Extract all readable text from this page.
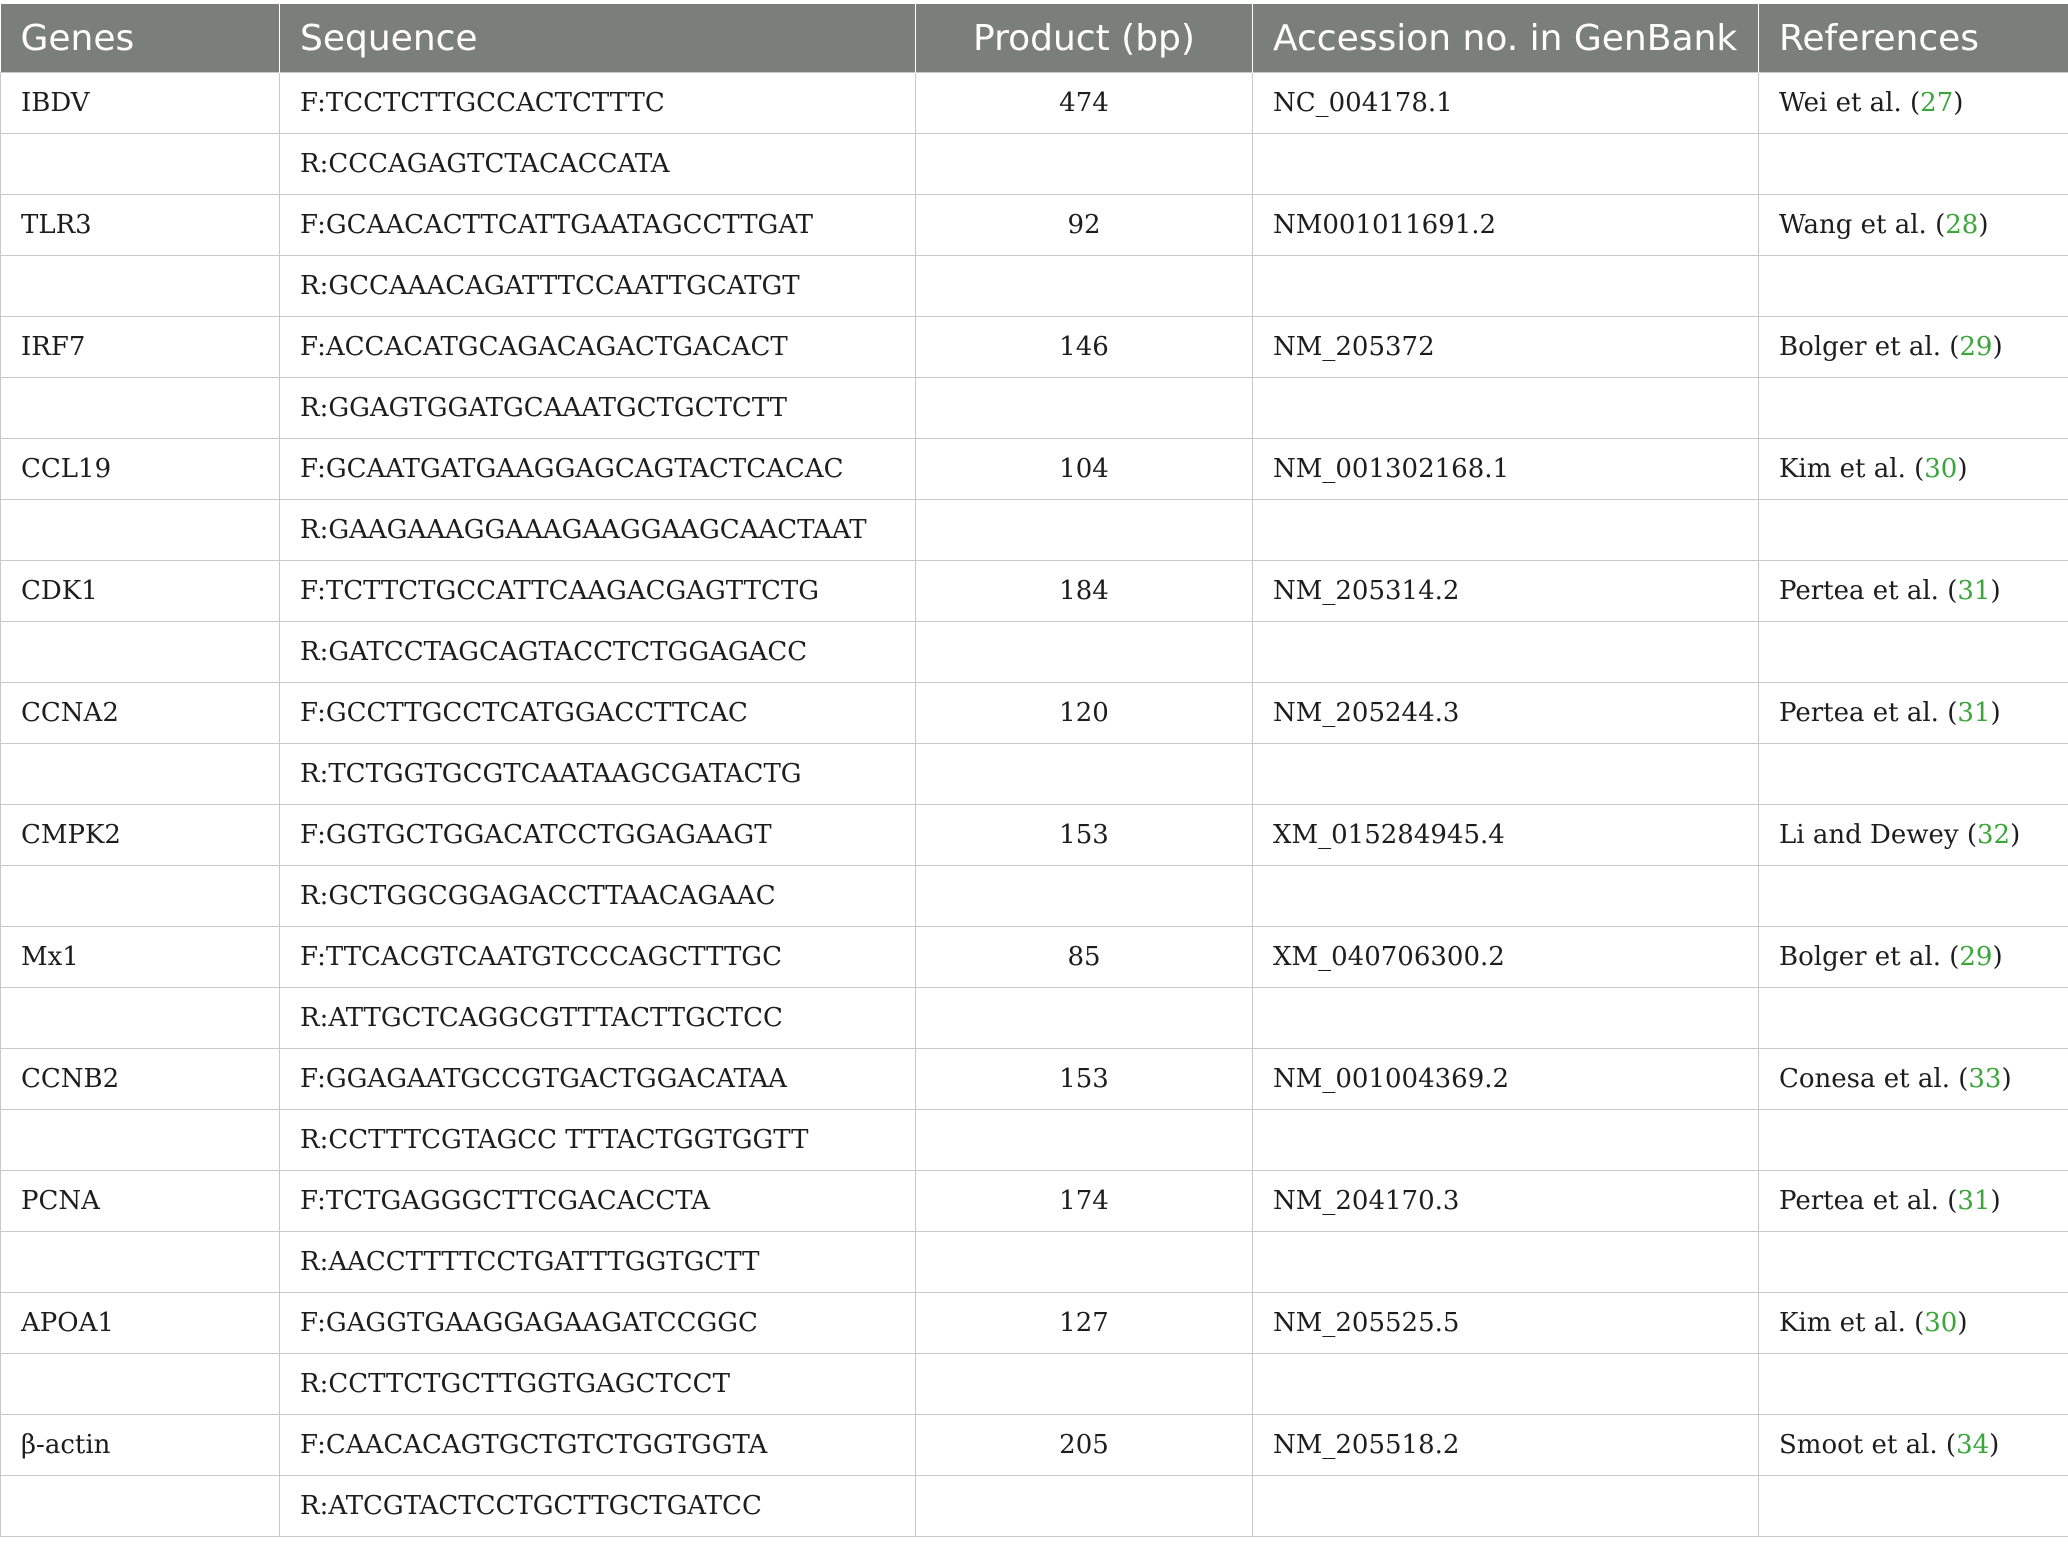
Genes	Sequence	Product (bp)	Accession no. in GenBank	References
IBDV	F:TCCTCTTGCCACTCTTTC	474	NC_004178.1	Wei et al. (27)
	R:CCCAGAGTCTACACCATA			
TLR3	F:GCAACACTTCATTGAATAGCCTTGAT	92	NM001011691.2	Wang et al. (28)
	R:GCCAAACAGATTTCCAATTGCATGT			
IRF7	F:ACCACATGCAGACAGACTGACACT	146	NM_205372	Bolger et al. (29)
	R:GGAGTGGATGCAAATGCTGCTCTT			
CCL19	F:GCAATGATGAAGGAGCAGTACTCACAC	104	NM_001302168.1	Kim et al. (30)
	R:GAAGAAAGGAAAGAAGGAAGCAACTAAT			
CDK1	F:TCTTCTGCCATTCAAGACGAGTTCTG	184	NM_205314.2	Pertea et al. (31)
	R:GATCCTAGCAGTACCTCTGGAGACC			
CCNA2	F:GCCTTGCCTCATGGACCTTCAC	120	NM_205244.3	Pertea et al. (31)
	R:TCTGGTGCGTCAATAAGCGATACTG			
CMPK2	F:GGTGCTGGACATCCTGGAGAAGT	153	XM_015284945.4	Li and Dewey (32)
	R:GCTGGCGGAGACCTTAACAGAAC			
Mx1	F:TTCACGTCAATGTCCCAGCTTTGC	85	XM_040706300.2	Bolger et al. (29)
	R:ATTGCTCAGGCGTTTACTTGCTCC			
CCNB2	F:GGAGAATGCCGTGACTGGACATAA	153	NM_001004369.2	Conesa et al. (33)
	R:CCTTTCGTAGCC TTTACTGGTGGTT			
PCNA	F:TCTGAGGGCTTCGACACCTA	174	NM_204170.3	Pertea et al. (31)
	R:AACCTTTTCCTGATTTGGTGCTT			
APOA1	F:GAGGTGAAGGAGAAGATCCGGC	127	NM_205525.5	Kim et al. (30)
	R:CCTTCTGCTTGGTGAGCTCCT			
β-actin	F:CAACACAGTGCTGTCTGGTGGTA	205	NM_205518.2	Smoot et al. (34)
	R:ATCGTACTCCTGCTTGCTGATCC			
